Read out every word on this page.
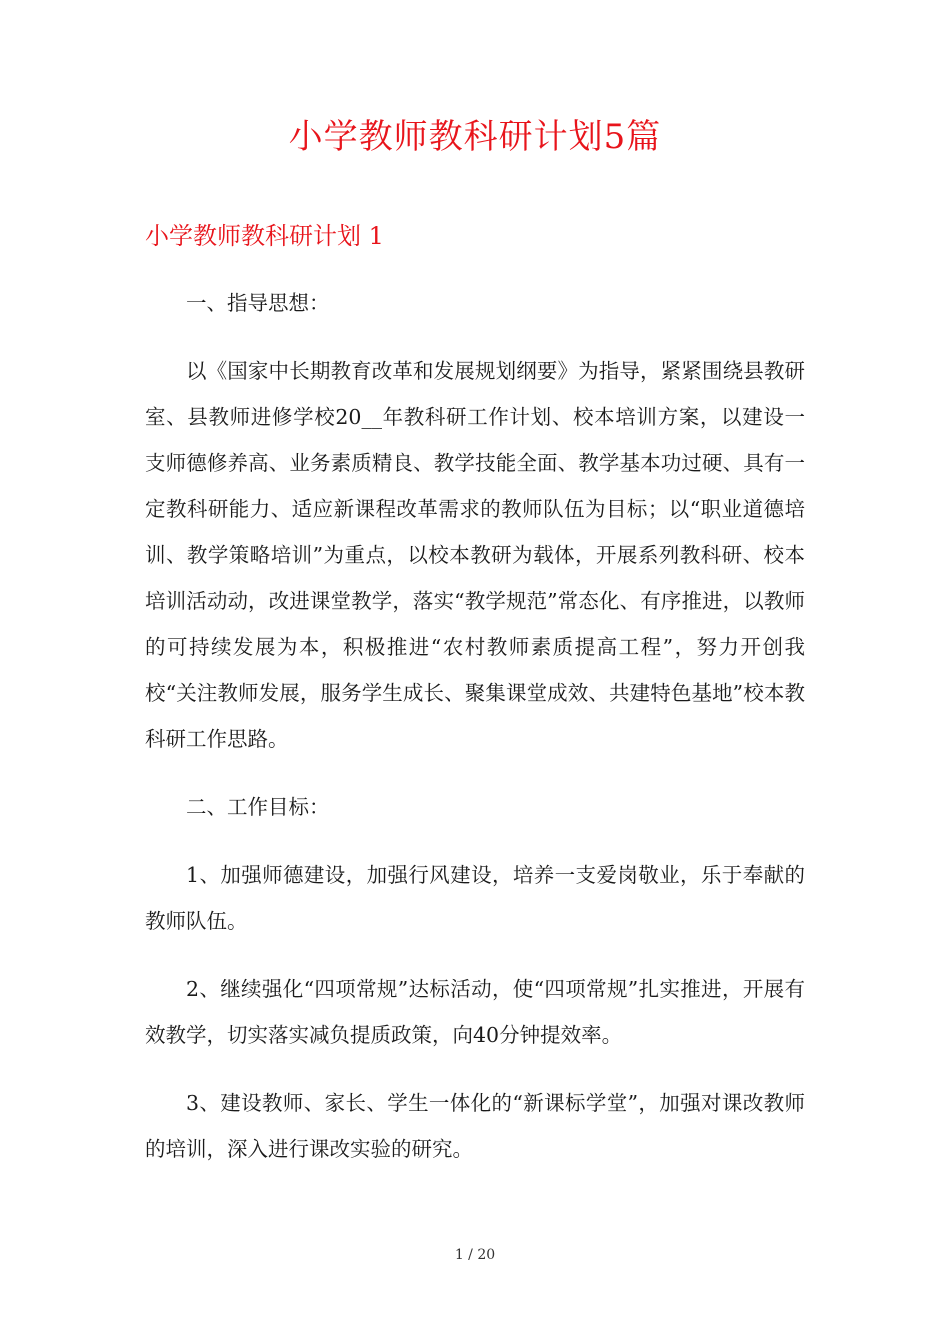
小学教师教科研计划5篇
小学教师教科研计划 1

一、指导思想：

以《国家中长期教育改革和发展规划纲要》为指导，紧紧围绕县教研室、县教师进修学校20__年教科研工作计划、校本培训方案，以建设一支师德修养高、业务素质精良、教学技能全面、教学基本功过硬、具有一定教科研能力、适应新课程改革需求的教师队伍为目标；以“职业道德培训、教学策略培训”为重点，以校本教研为载体，开展系列教科研、校本培训活动动，改进课堂教学，落实“教学规范”常态化、有序推进，以教师的可持续发展为本，积极推进“农村教师素质提高工程”，努力开创我校“关注教师发展，服务学生成长、聚集课堂成效、共建特色基地”校本教科研工作思路。

二、工作目标：

1、加强师德建设，加强行风建设，培养一支爱岗敬业，乐于奉献的教师队伍。

2、继续强化“四项常规”达标活动，使“四项常规”扎实推进，开展有效教学，切实落实减负提质政策，向40分钟提效率。

3、建设教师、家长、学生一体化的“新课标学堂”，加强对课改教师的培训，深入进行课改实验的研究。

1 / 20
